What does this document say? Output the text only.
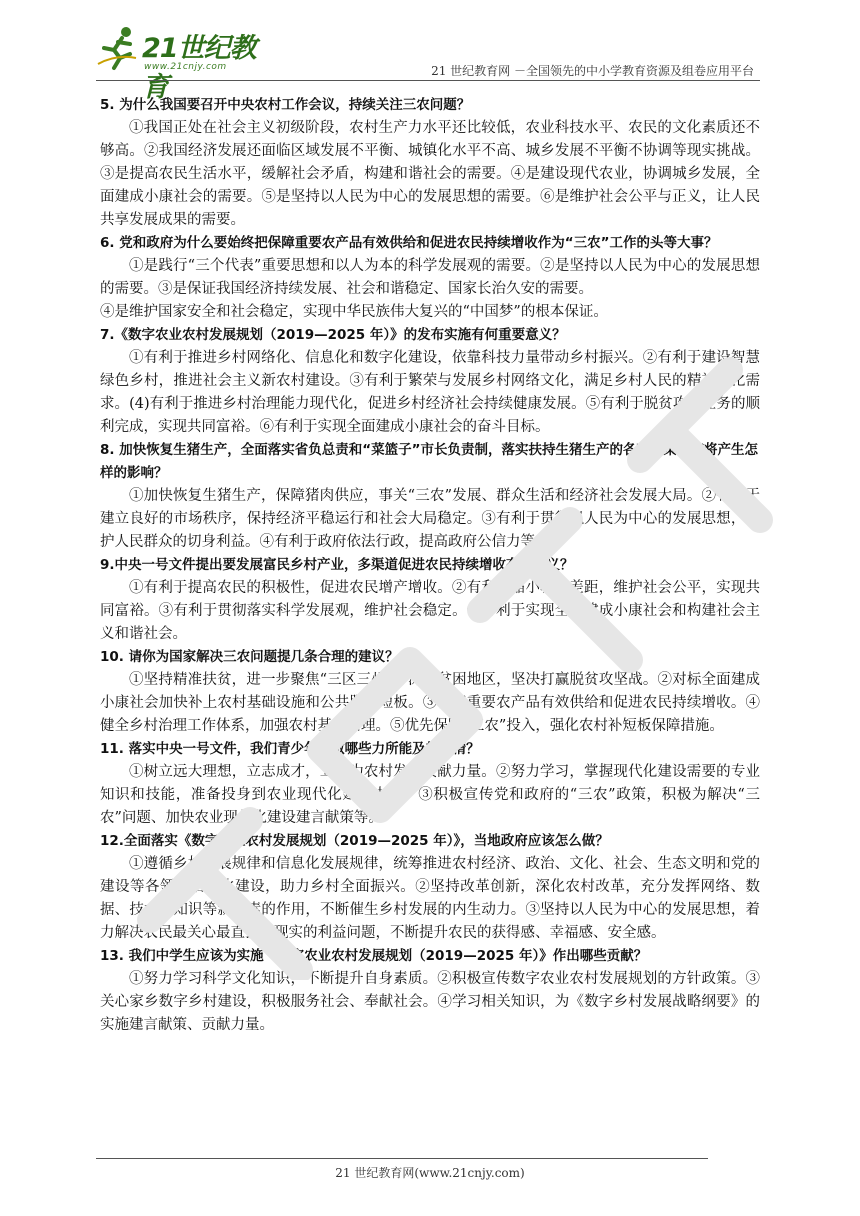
21世纪教育
www.21cnjy.com	21 世纪教育网 －全国领先的中小学教育资源及组卷应用平台

5. 为什么我国要召开中央农村工作会议，持续关注三农问题？

①我国正处在社会主义初级阶段，农村生产力水平还比较低，农业科技水平、农民的文化素质还不够高。②我国经济发展还面临区域发展不平衡、城镇化水平不高、城乡发展不平衡不协调等现实挑战。③是提高农民生活水平，缓解社会矛盾，构建和谐社会的需要。④是建设现代农业，协调城乡发展，全面建成小康社会的需要。⑤是坚持以人民为中心的发展思想的需要。⑥是维护社会公平与正义，让人民共享发展成果的需要。

6. 党和政府为什么要始终把保障重要农产品有效供给和促进农民持续增收作为“三农”工作的头等大事？

①是践行“三个代表”重要思想和以人为本的科学发展观的需要。②是坚持以人民为中心的发展思想的需要。③是保证我国经济持续发展、社会和谐稳定、国家长治久安的需要。

④是维护国家安全和社会稳定，实现中华民族伟大复兴的“中国梦”的根本保证。

7.《数字农业农村发展规划（2019—2025 年）》的发布实施有何重要意义？

①有利于推进乡村网络化、信息化和数字化建设，依靠科技力量带动乡村振兴。②有利于建设智慧绿色乡村，推进社会主义新农村建设。③有利于繁荣与发展乡村网络文化，满足乡村人民的精神文化需求。(4)有利于推进乡村治理能力现代化，促进乡村经济社会持续健康发展。⑤有利于脱贫攻坚任务的顺利完成，实现共同富裕。⑥有利于实现全面建成小康社会的奋斗目标。

8. 加快恢复生猪生产，全面落实省负总责和“菜篮子”市长负责制，落实扶持生猪生产的各项政策措施将产生怎样的影响？

①加快恢复生猪生产，保障猪肉供应，事关“三农”发展、群众生活和经济社会发展大局。②有利于建立良好的市场秩序，保持经济平稳运行和社会大局稳定。③有利于贯彻以人民为中心的发展思想，维护人民群众的切身利益。④有利于政府依法行政，提高政府公信力等。

9.中央一号文件提出要发展富民乡村产业，多渠道促进农民持续增收有何意义？

①有利于提高农民的积极性，促进农民增产增收。②有利于缩小城乡差距，维护社会公平，实现共同富裕。③有利于贯彻落实科学发展观，维护社会稳定。④有利于实现全面建成小康社会和构建社会主义和谐社会。

10. 请你为国家解决三农问题提几条合理的建议？

①坚持精准扶贫，进一步聚焦“三区三州”等深度贫困地区，坚决打赢脱贫攻坚战。②对标全面建成小康社会加快补上农村基础设施和公共服务短板。③保障重要农产品有效供给和促进农民持续增收。④健全乡村治理工作体系，加强农村基层治理。⑤优先保障“三农”投入，强化农村补短板保障措施。

11. 落实中央一号文件，我们青少年能做哪些力所能及的事情？

①树立远大理想，立志成才，立志为农村发展贡献力量。②努力学习，掌握现代化建设需要的专业知识和技能，准备投身到农业现代化建设中去。③积极宣传党和政府的“三农”政策，积极为解决“三农”问题、加快农业现代化建设建言献策等。

12.全面落实《数字农业农村发展规划（2019—2025 年）》，当地政府应该怎么做？

①遵循乡村发展规律和信息化发展规律，统筹推进农村经济、政治、文化、社会、生态文明和党的建设等各领域信息化建设，助力乡村全面振兴。②坚持改革创新，深化农村改革，充分发挥网络、数据、技术和知识等新要素的作用，不断催生乡村发展的内生动力。③坚持以人民为中心的发展思想，着力解决农民最关心最直接最现实的利益问题，不断提升农民的获得感、幸福感、安全感。

13. 我们中学生应该为实施《数字农业农村发展规划（2019—2025 年）》作出哪些贡献？

①努力学习科学文化知识，不断提升自身素质。②积极宣传数字农业农村发展规划的方针政策。③关心家乡数字乡村建设，积极服务社会、奉献社会。④学习相关知识，为《数字乡村发展战略纲要》的实施建言献策、贡献力量。

21 世纪教育网(www.21cnjy.com)
